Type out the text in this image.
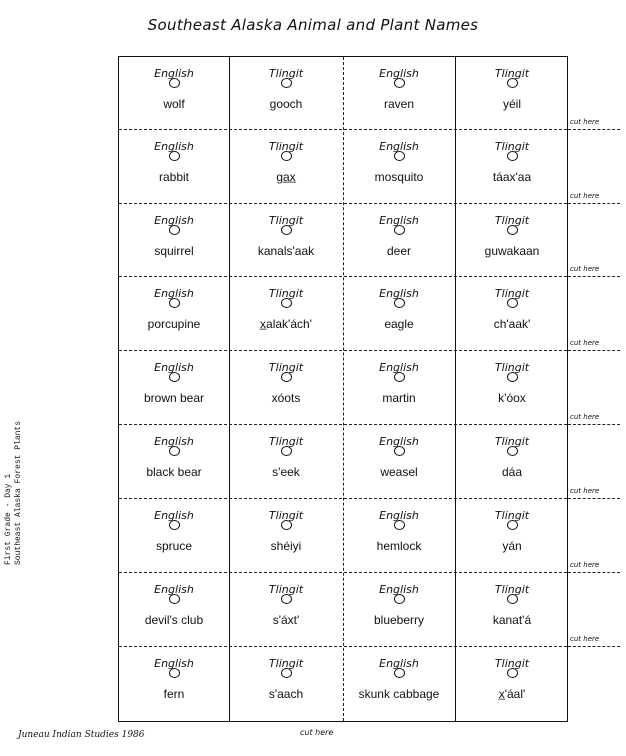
Southeast Alaska Animal and Plant Names
First Grade - Day 1 Southeast Alaska Forest Plants
English
wolf
Tlingit
gooch
English
raven
Tlingit
yéil
English
rabbit
Tlingit
ga̲x̲
English
mosquito
Tlingit
táax'aa
English
squirrel
Tlingit
kanals'aak
English
deer
Tlingit
guwakaan
English
porcupine
Tlingit
x̲alak'ách'
English
eagle
Tlingit
ch'aak'
English
brown bear
Tlingit
xóots
English
martin
Tlingit
k'óox
English
black bear
Tlingit
s'eek
English
weasel
Tlingit
dáa
English
spruce
Tlingit
shéiyi
English
hemlock
Tlingit
yán
English
devil's club
Tlingit
s'áxt'
English
blueberry
Tlingit
kanat'á
English
fern
Tlingit
s'aach
English
skunk cabbage
Tlingit
x̲'áal'
cut here
cut here
cut here
cut here
cut here
cut here
cut here
cut here
cut here
Juneau Indian Studies 1986
